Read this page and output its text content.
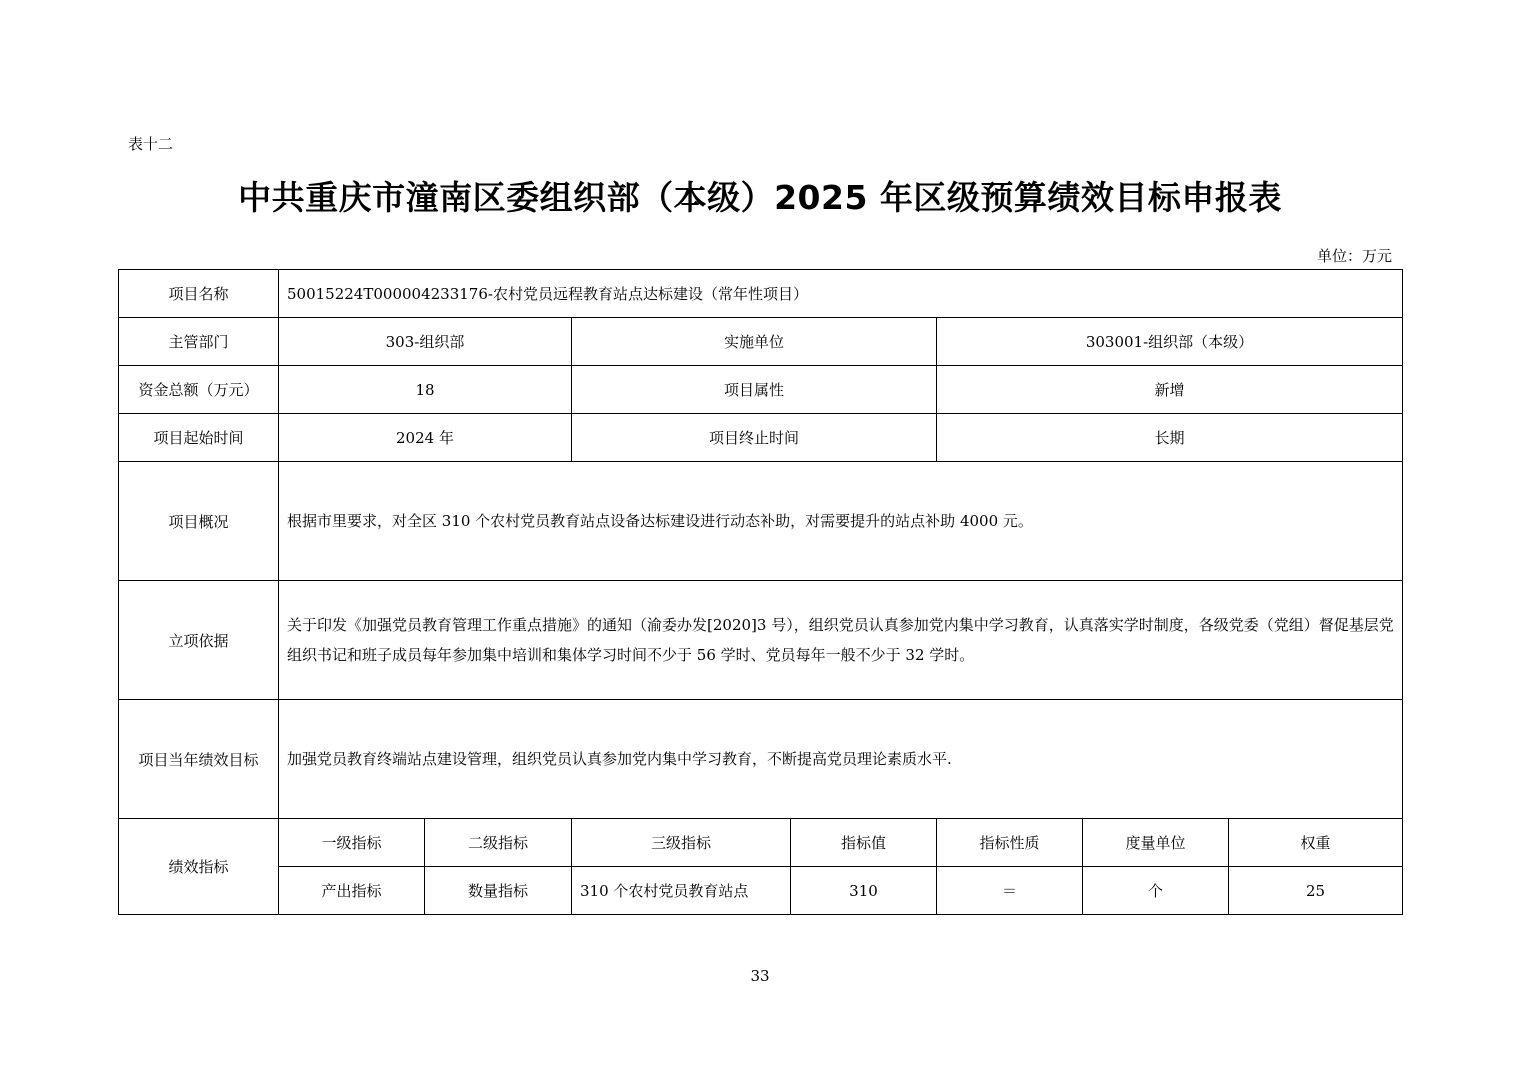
表十二
中共重庆市潼南区委组织部（本级）2025 年区级预算绩效目标申报表
单位：万元
项目名称	50015224T000004233176-农村党员远程教育站点达标建设（常年性项目）						
主管部门	303-组织部		实施单位		303001-组织部（本级）		
资金总额（万元）	18		项目属性		新增		
项目起始时间	2024 年		项目终止时间		长期		
项目概况	根据市里要求，对全区 310 个农村党员教育站点设备达标建设进行动态补助，对需要提升的站点补助 4000 元。						
立项依据	关于印发《加强党员教育管理工作重点措施》的通知（渝委办发[2020]3 号），组织党员认真参加党内集中学习教育，认真落实学时制度，各级党委（党组）督促基层党组织书记和班子成员每年参加集中培训和集体学习时间不少于 56 学时、党员每年一般不少于 32 学时。						
项目当年绩效目标	加强党员教育终端站点建设管理，组织党员认真参加党内集中学习教育，不断提高党员理论素质水平.						
绩效指标	一级指标	二级指标	三级指标	指标值	指标性质	度量单位	权重
	产出指标	数量指标	310 个农村党员教育站点	310	＝	个	25
33
